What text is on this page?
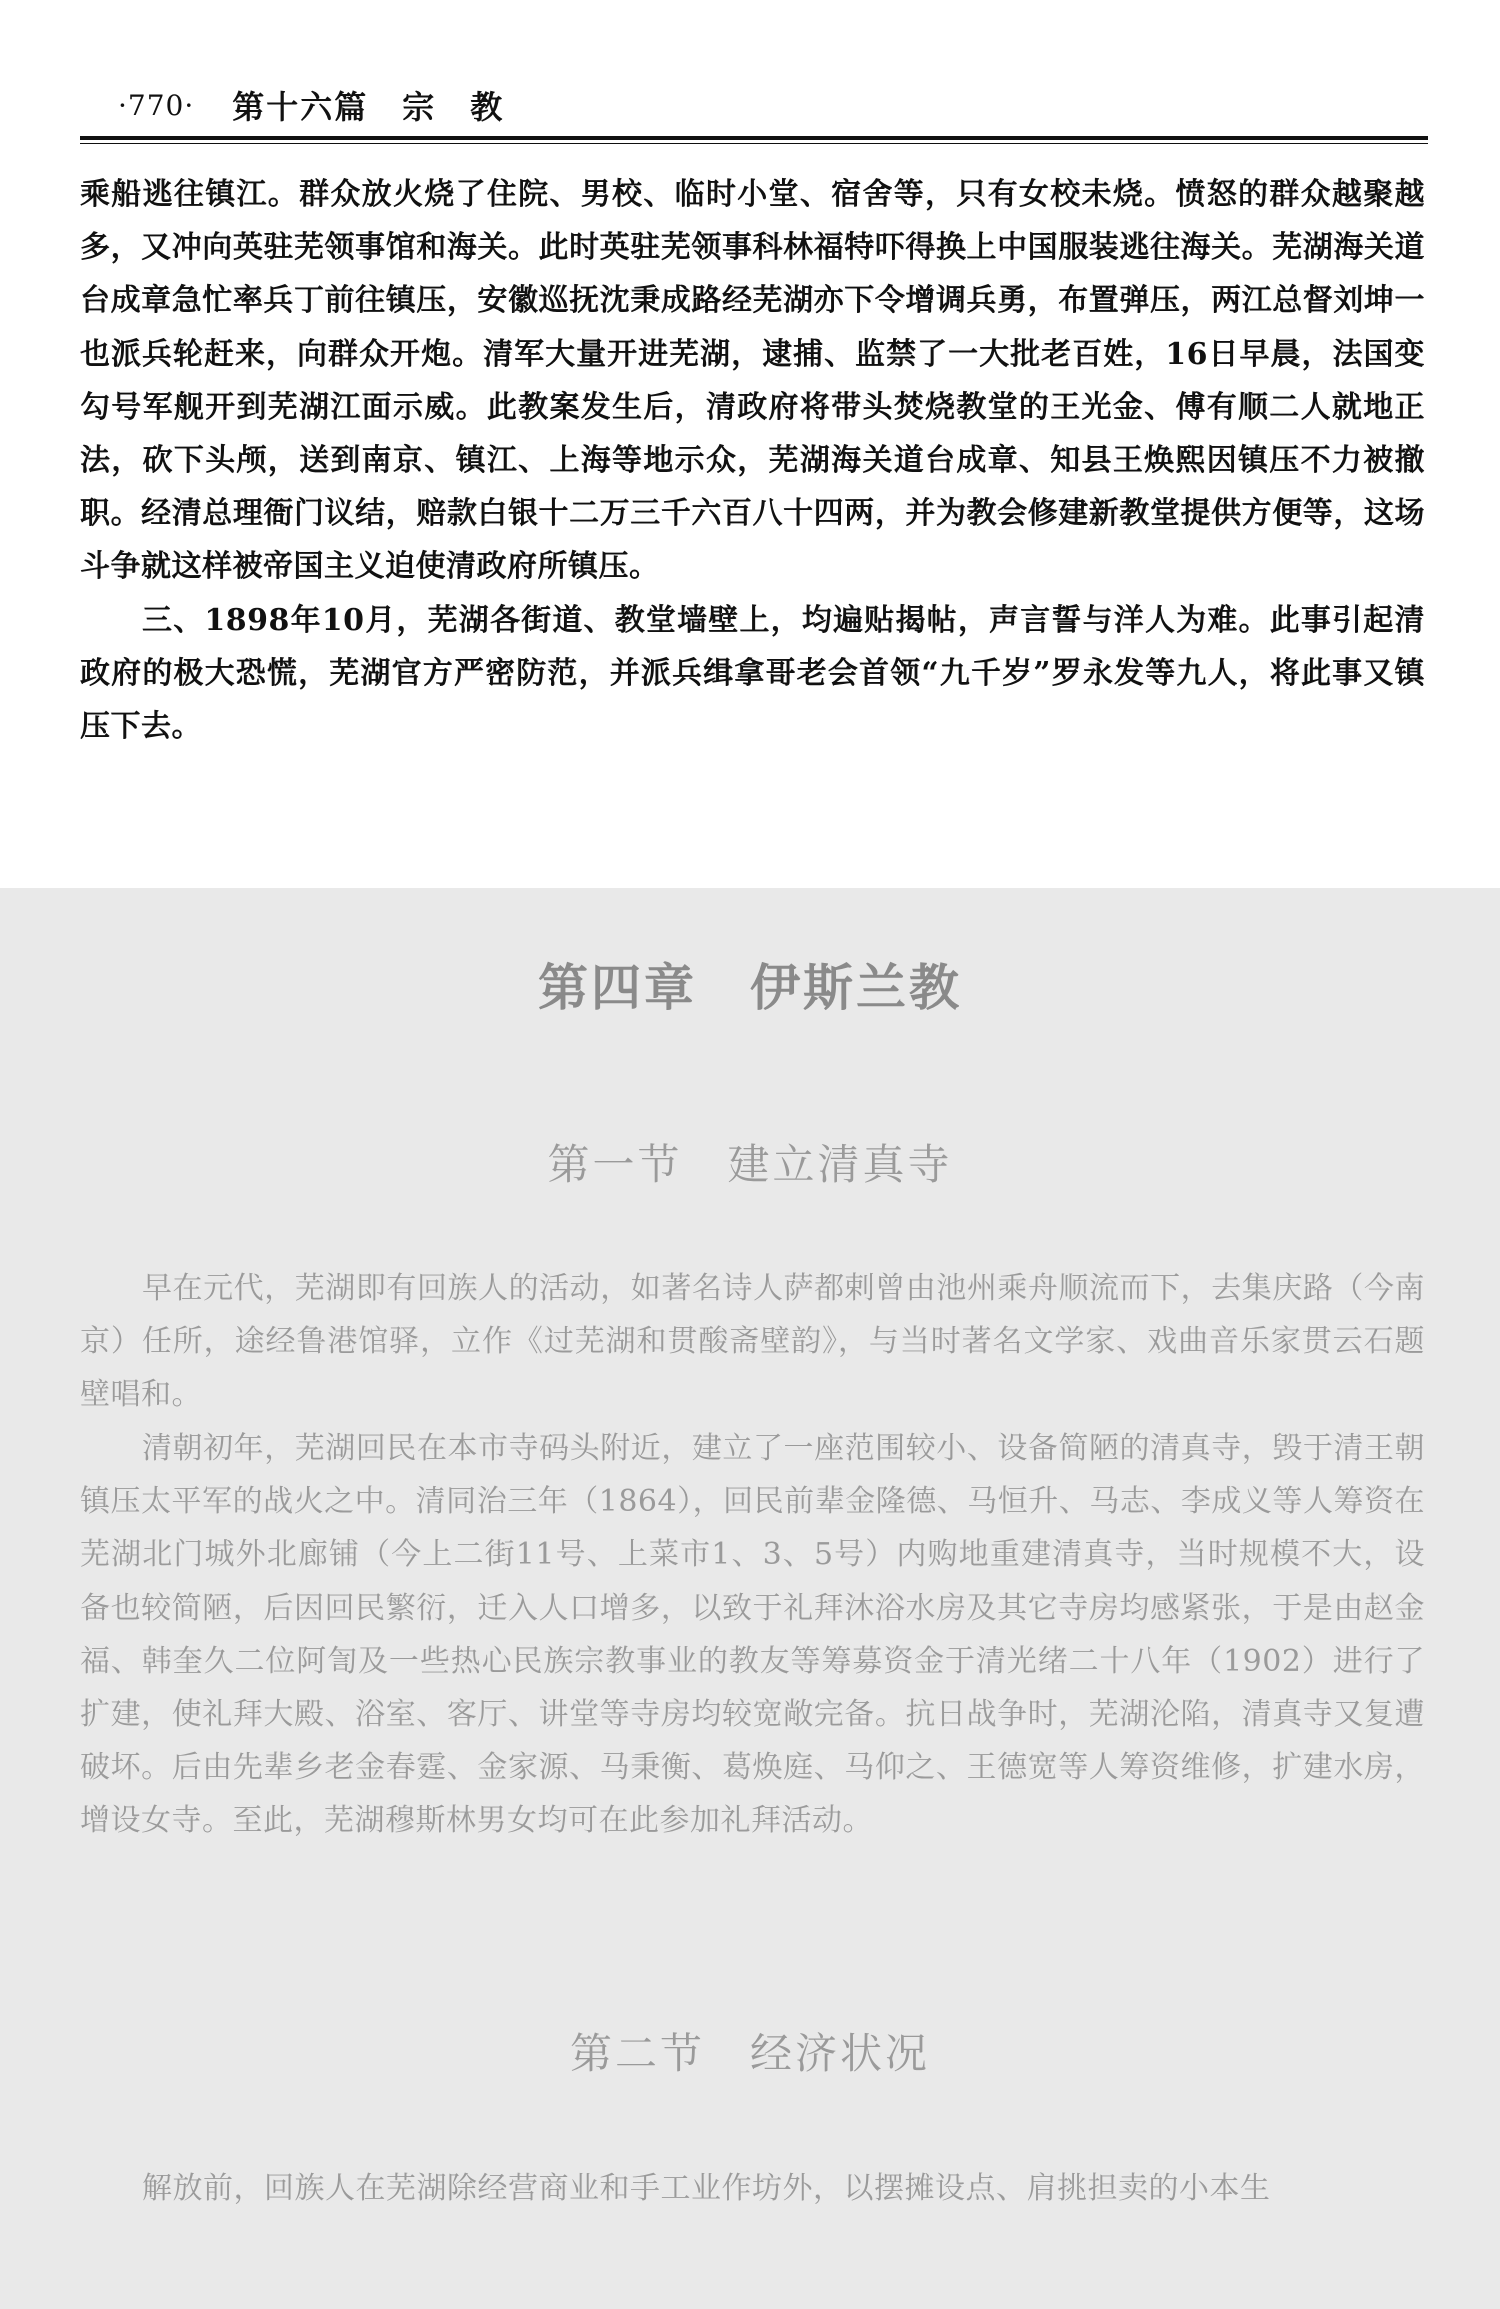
·770· 第十六篇　宗　教

乘船逃往镇江。群众放火烧了住院、男校、临时小堂、宿舍等，只有女校未烧。愤怒的群众越聚越多，又冲向英驻芜领事馆和海关。此时英驻芜领事科林福特吓得换上中国服装逃往海关。芜湖海关道台成章急忙率兵丁前往镇压，安徽巡抚沈秉成路经芜湖亦下令增调兵勇，布置弹压，两江总督刘坤一也派兵轮赶来，向群众开炮。清军大量开进芜湖，逮捕、监禁了一大批老百姓，16日早晨，法国变勾号军舰开到芜湖江面示威。此教案发生后，清政府将带头焚烧教堂的王光金、傅有顺二人就地正法，砍下头颅，送到南京、镇江、上海等地示众，芜湖海关道台成章、知县王焕熙因镇压不力被撤职。经清总理衙门议结，赔款白银十二万三千六百八十四两，并为教会修建新教堂提供方便等，这场斗争就这样被帝国主义迫使清政府所镇压。

三、1898年10月，芜湖各街道、教堂墙壁上，均遍贴揭帖，声言誓与洋人为难。此事引起清政府的极大恐慌，芜湖官方严密防范，并派兵缉拿哥老会首领“九千岁”罗永发等九人，将此事又镇压下去。

第四章　伊斯兰教
第一节　建立清真寺

早在元代，芜湖即有回族人的活动，如著名诗人萨都剌曾由池州乘舟顺流而下，去集庆路（今南京）任所，途经鲁港馆驿，立作《过芜湖和贯酸斋壁韵》，与当时著名文学家、戏曲音乐家贯云石题壁唱和。

清朝初年，芜湖回民在本市寺码头附近，建立了一座范围较小、设备简陋的清真寺，毁于清王朝镇压太平军的战火之中。清同治三年（1864），回民前辈金隆德、马恒升、马志、李成义等人筹资在芜湖北门城外北廊铺（今上二街11号、上菜市1、3、5号）内购地重建清真寺，当时规模不大，设备也较简陋，后因回民繁衍，迁入人口增多，以致于礼拜沐浴水房及其它寺房均感紧张，于是由赵金福、韩奎久二位阿訇及一些热心民族宗教事业的教友等筹募资金于清光绪二十八年（1902）进行了扩建，使礼拜大殿、浴室、客厅、讲堂等寺房均较宽敞完备。抗日战争时，芜湖沦陷，清真寺又复遭破坏。后由先辈乡老金春霆、金家源、马秉衡、葛焕庭、马仰之、王德宽等人筹资维修，扩建水房，增设女寺。至此，芜湖穆斯林男女均可在此参加礼拜活动。

第二节　经济状况

解放前，回族人在芜湖除经营商业和手工业作坊外，以摆摊设点、肩挑担卖的小本生
